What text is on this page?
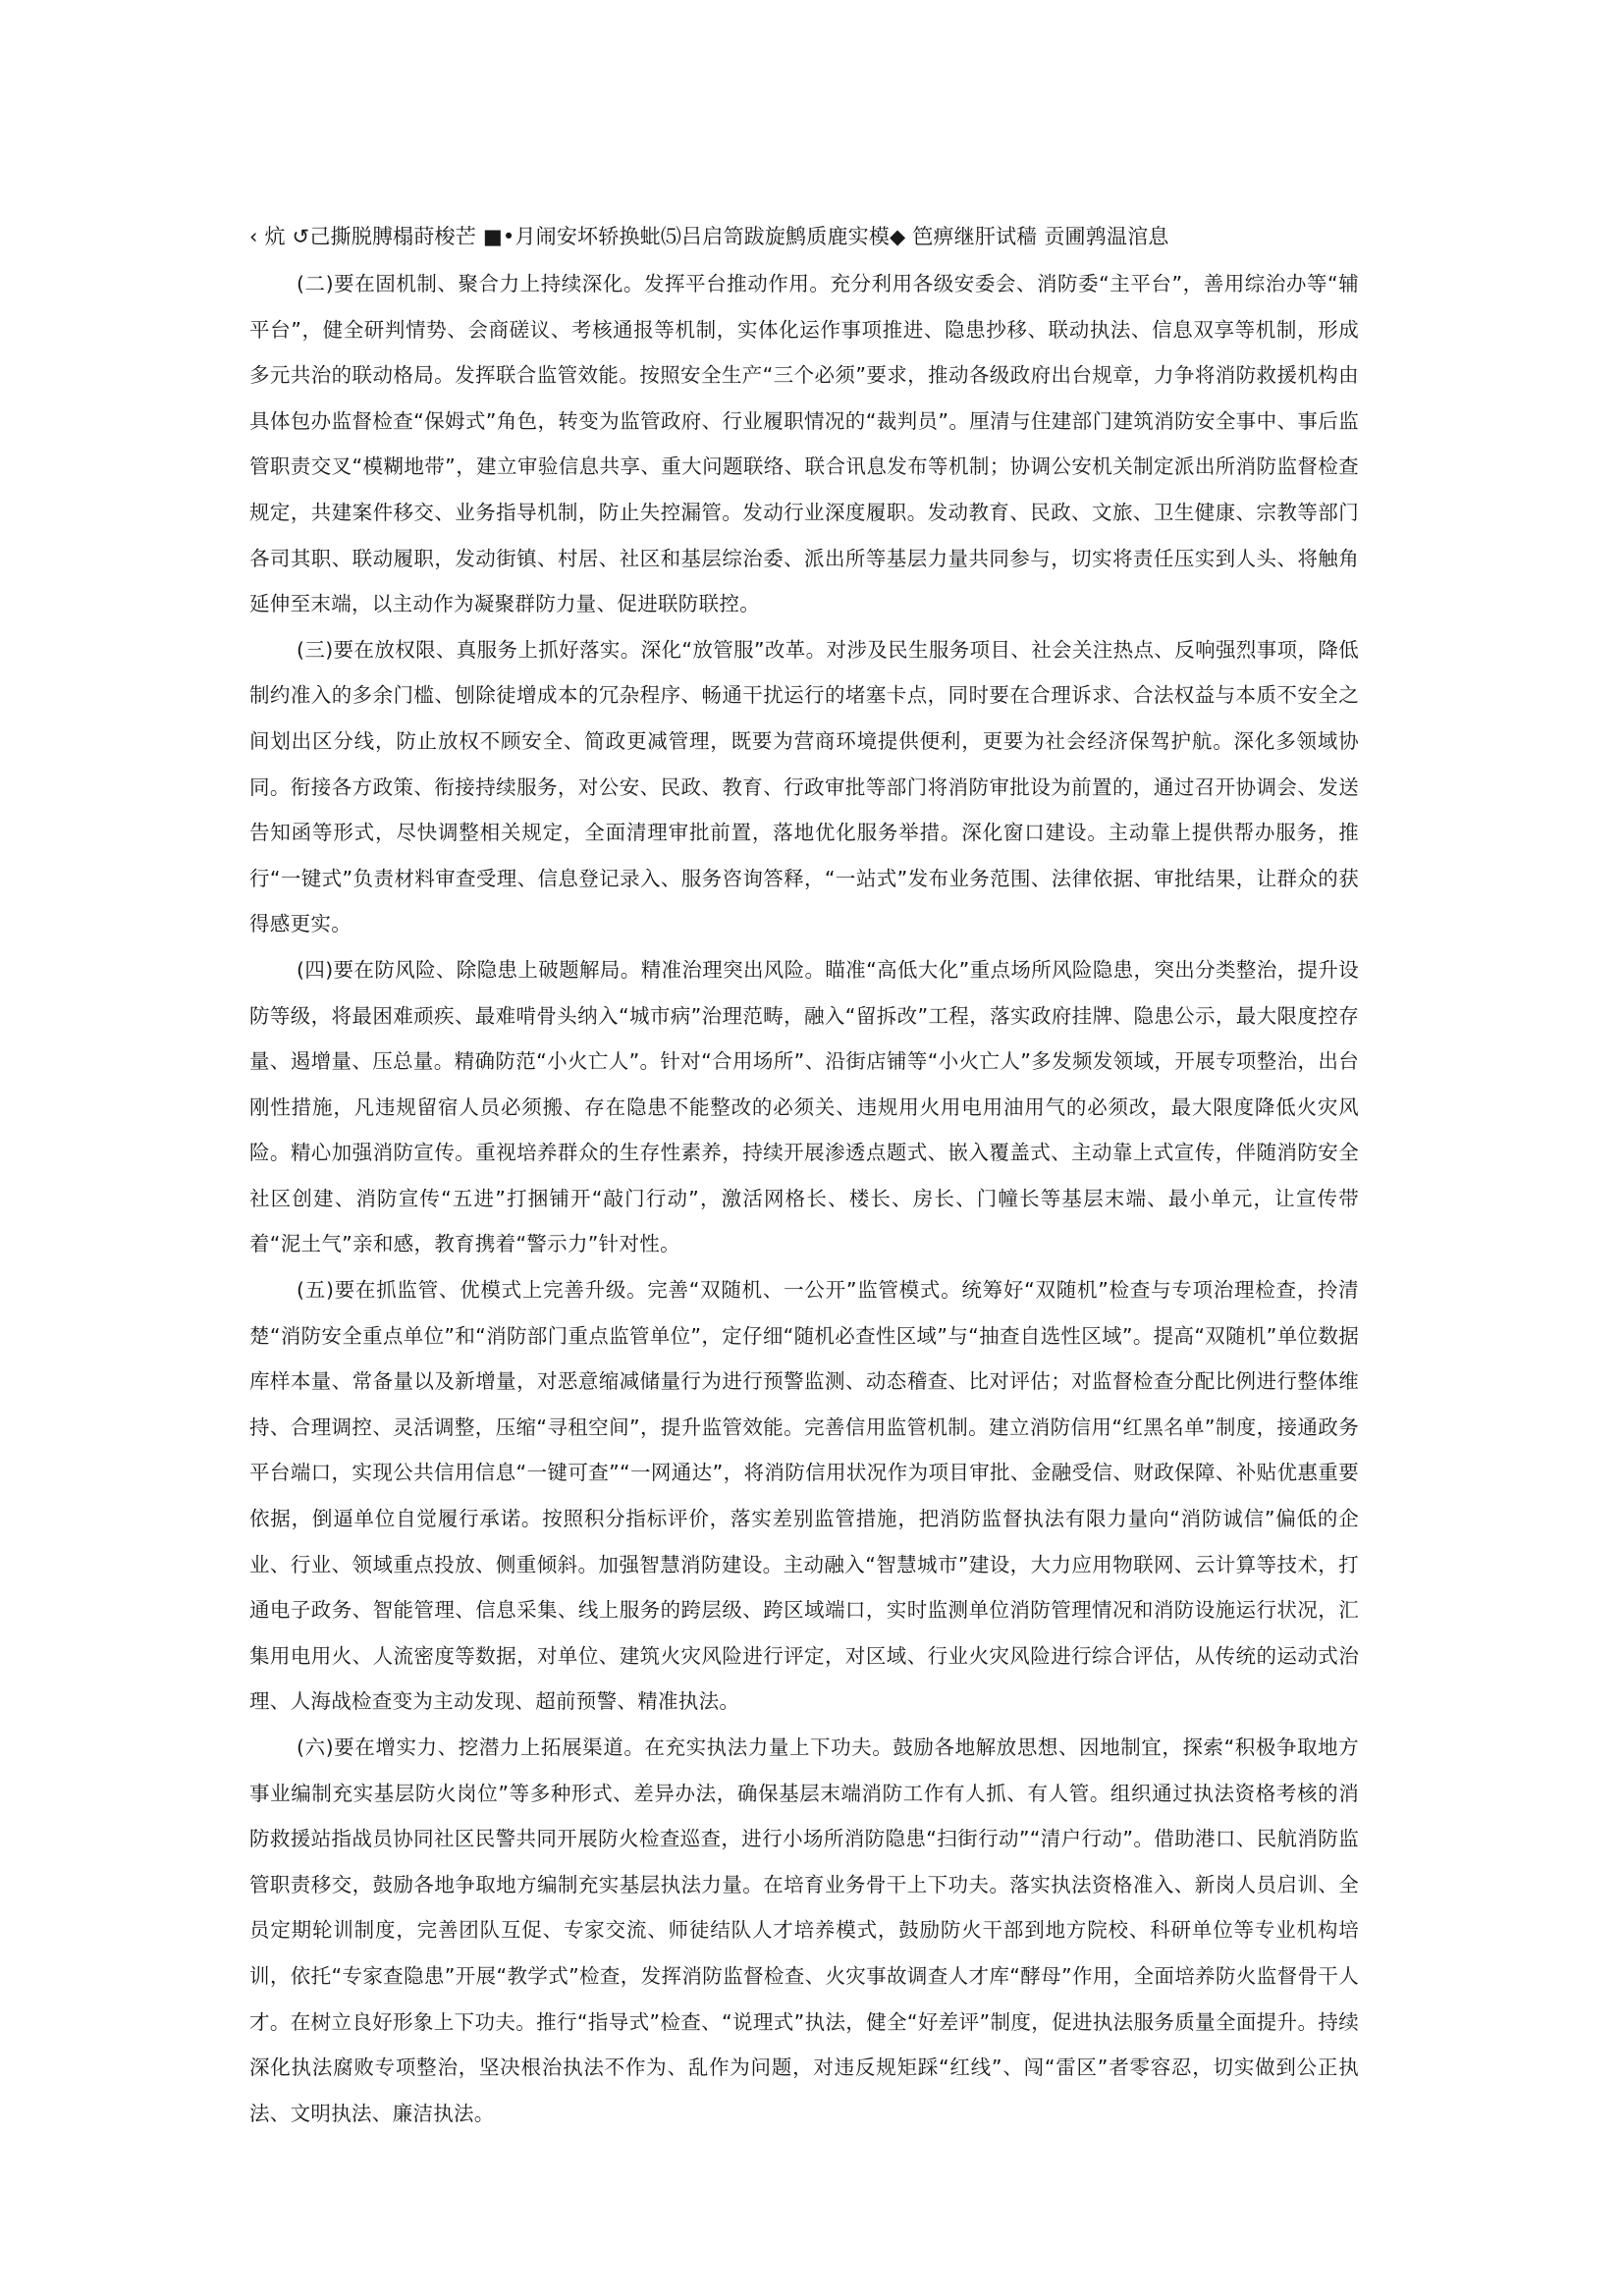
‹ 炕 ↺己撕脱膊榻莳梭芒 ■•月闹安坏轿换蚍⑸吕启笥跋旋鹪质鹿实模◆ 笆痹继肝试穑 贡圃鹑温涫息

(二)要在固机制、聚合力上持续深化。发挥平台推动作用。充分利用各级安委会、消防委“主平台”，善用综治办等“辅平台”，健全研判情势、会商磋议、考核通报等机制，实体化运作事项推进、隐患抄移、联动执法、信息双享等机制，形成多元共治的联动格局。发挥联合监管效能。按照安全生产“三个必须”要求，推动各级政府出台规章，力争将消防救援机构由具体包办监督检查“保姆式”角色，转变为监管政府、行业履职情况的“裁判员”。厘清与住建部门建筑消防安全事中、事后监管职责交叉“模糊地带”，建立审验信息共享、重大问题联络、联合讯息发布等机制；协调公安机关制定派出所消防监督检查规定，共建案件移交、业务指导机制，防止失控漏管。发动行业深度履职。发动教育、民政、文旅、卫生健康、宗教等部门各司其职、联动履职，发动街镇、村居、社区和基层综治委、派出所等基层力量共同参与，切实将责任压实到人头、将触角延伸至末端，以主动作为凝聚群防力量、促进联防联控。

(三)要在放权限、真服务上抓好落实。深化“放管服”改革。对涉及民生服务项目、社会关注热点、反响强烈事项，降低制约准入的多余门槛、刨除徒增成本的冗杂程序、畅通干扰运行的堵塞卡点，同时要在合理诉求、合法权益与本质不安全之间划出区分线，防止放权不顾安全、简政更减管理，既要为营商环境提供便利，更要为社会经济保驾护航。深化多领域协同。衔接各方政策、衔接持续服务，对公安、民政、教育、行政审批等部门将消防审批设为前置的，通过召开协调会、发送告知函等形式，尽快调整相关规定，全面清理审批前置，落地优化服务举措。深化窗口建设。主动靠上提供帮办服务，推行“一键式”负责材料审查受理、信息登记录入、服务咨询答释，“一站式”发布业务范围、法律依据、审批结果，让群众的获得感更实。

(四)要在防风险、除隐患上破题解局。精准治理突出风险。瞄准“高低大化”重点场所风险隐患，突出分类整治，提升设防等级，将最困难顽疾、最难啃骨头纳入“城市病”治理范畴，融入“留拆改”工程，落实政府挂牌、隐患公示，最大限度控存量、遏增量、压总量。精确防范“小火亡人”。针对“合用场所”、沿街店铺等“小火亡人”多发频发领域，开展专项整治，出台刚性措施，凡违规留宿人员必须搬、存在隐患不能整改的必须关、违规用火用电用油用气的必须改，最大限度降低火灾风险。精心加强消防宣传。重视培养群众的生存性素养，持续开展渗透点题式、嵌入覆盖式、主动靠上式宣传，伴随消防安全社区创建、消防宣传“五进”打捆铺开“敲门行动”，激活网格长、楼长、房长、门幢长等基层末端、最小单元，让宣传带着“泥土气”亲和感，教育携着“警示力”针对性。

(五)要在抓监管、优模式上完善升级。完善“双随机、一公开”监管模式。统筹好“双随机”检查与专项治理检查，拎清楚“消防安全重点单位”和“消防部门重点监管单位”，定仔细“随机必查性区域”与“抽查自选性区域”。提高“双随机”单位数据库样本量、常备量以及新增量，对恶意缩减储量行为进行预警监测、动态稽查、比对评估；对监督检查分配比例进行整体维持、合理调控、灵活调整，压缩“寻租空间”，提升监管效能。完善信用监管机制。建立消防信用“红黑名单”制度，接通政务平台端口，实现公共信用信息“一键可查”“一网通达”，将消防信用状况作为项目审批、金融受信、财政保障、补贴优惠重要依据，倒逼单位自觉履行承诺。按照积分指标评价，落实差别监管措施，把消防监督执法有限力量向“消防诚信”偏低的企业、行业、领域重点投放、侧重倾斜。加强智慧消防建设。主动融入“智慧城市”建设，大力应用物联网、云计算等技术，打通电子政务、智能管理、信息采集、线上服务的跨层级、跨区域端口，实时监测单位消防管理情况和消防设施运行状况，汇集用电用火、人流密度等数据，对单位、建筑火灾风险进行评定，对区域、行业火灾风险进行综合评估，从传统的运动式治理、人海战检查变为主动发现、超前预警、精准执法。

(六)要在增实力、挖潜力上拓展渠道。在充实执法力量上下功夫。鼓励各地解放思想、因地制宜，探索“积极争取地方事业编制充实基层防火岗位”等多种形式、差异办法，确保基层末端消防工作有人抓、有人管。组织通过执法资格考核的消防救援站指战员协同社区民警共同开展防火检查巡查，进行小场所消防隐患“扫街行动”“清户行动”。借助港口、民航消防监管职责移交，鼓励各地争取地方编制充实基层执法力量。在培育业务骨干上下功夫。落实执法资格准入、新岗人员启训、全员定期轮训制度，完善团队互促、专家交流、师徒结队人才培养模式，鼓励防火干部到地方院校、科研单位等专业机构培训，依托“专家查隐患”开展“教学式”检查，发挥消防监督检查、火灾事故调查人才库“酵母”作用，全面培养防火监督骨干人才。在树立良好形象上下功夫。推行“指导式”检查、“说理式”执法，健全“好差评”制度，促进执法服务质量全面提升。持续深化执法腐败专项整治，坚决根治执法不作为、乱作为问题，对违反规矩踩“红线”、闯“雷区”者零容忍，切实做到公正执法、文明执法、廉洁执法。
